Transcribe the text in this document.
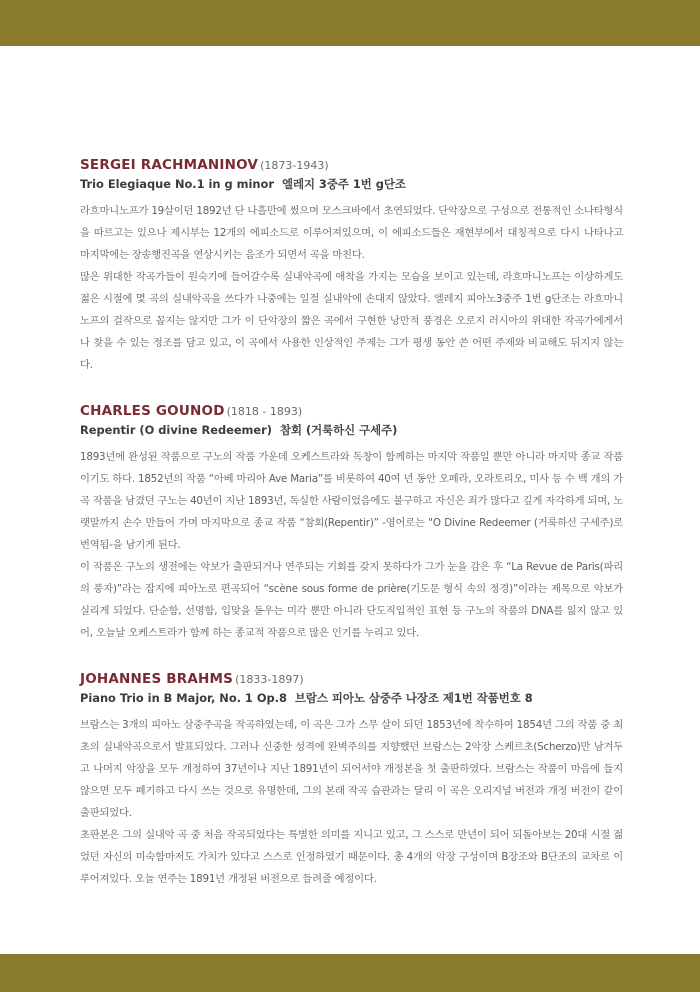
SERGEI RACHMANINOV (1873-1943)
Trio Elegiaque No.1 in g minor 엘레지 3중주 1번 g단조

라흐마니노프가 19살이던 1892년 단 나흘만에 썼으며 모스크바에서 초연되었다. 단악장으로 구성으로 전통적인 소나타형식을 따르고는 있으나 제시부는 12개의 에피소드로 이루어져있으며, 이 에피소드들은 재현부에서 대칭적으로 다시 나타나고 마지막에는 장송행진곡을 연상시키는 음조가 되면서 곡을 마친다.

많은 위대한 작곡가들이 원숙기에 들어갈수록 실내악곡에 애착을 가지는 모습을 보이고 있는데, 라흐마니노프는 이상하게도 젊은 시절에 몇 곡의 실내악곡을 쓰다가 나중에는 일절 실내악에 손대지 않았다. 엘레지 피아노3중주 1번 g단조는 라흐마니노프의 걸작으로 꼽지는 않지만 그가 이 단악장의 짧은 곡에서 구현한 낭만적 풍경은 오로지 러시아의 위대한 작곡가에게서나 찾을 수 있는 정조를 담고 있고, 이 곡에서 사용한 인상적인 주제는 그가 평생 동안 쓴 어떤 주제와 비교해도 뒤지지 않는다.

CHARLES GOUNOD (1818 - 1893)
Repentir (O divine Redeemer) 참회 (거룩하신 구세주)

1893년에 완성된 작품으로 구노의 작품 가운데 오케스트라와 독창이 함께하는 마지막 작품일 뿐만 아니라 마지막 종교 작품이기도 하다. 1852년의 작품 “아베 마리아 Ave Maria”를 비롯하여 40여 년 동안 오페라, 오라토리오, 미사 등 수 백 개의 가곡 작품을 남겼던 구노는 40년이 지난 1893년, 독실한 사람이었음에도 불구하고 자신은 죄가 많다고 깊게 자각하게 되며, 노랫말까지 손수 만들어 가며 마지막으로 종교 작품 “참회(Repentir)” -영어로는 "O Divine Redeemer (거룩하신 구세주)로 번역됨-을 남기게 된다.

이 작품은 구노의 생전에는 악보가 출판되거나 연주되는 기회를 갖지 못하다가 그가 눈을 감은 후 “La Revue de Paris(파리의 풍자)”라는 잡지에 피아노로 편곡되어 “scène sous forme de prière(기도문 형식 속의 정경)”이라는 제목으로 악보가 실리게 되었다. 단순함, 선명함, 입맞을 돋우는 미각 뿐만 아니라 단도직입적인 표현 등 구노의 작품의 DNA를 잃지 않고 있어, 오늘날 오케스트라가 함께 하는 종교적 작품으로 많은 인기를 누리고 있다.

JOHANNES BRAHMS (1833-1897)
Piano Trio in B Major, No. 1 Op.8 브람스 피아노 삼중주 나장조 제1번 작품번호 8

브람스는 3개의 피아노 삼중주곡을 작곡하였는데, 이 곡은 그가 스무 살이 되던 1853년에 착수하여 1854년 그의 작품 중 최초의 실내악곡으로서 발표되었다. 그러나 신중한 성격에 완벽주의를 지향했던 브람스는 2악장 스케르초(Scherzo)만 남겨두고 나머지 악장을 모두 개정하여 37년이나 지난 1891년이 되어서야 개정본을 첫 출판하였다. 브람스는 작품이 마음에 들지 않으면 모두 폐기하고 다시 쓰는 것으로 유명한데, 그의 본래 작곡 습관과는 달리 이 곡은 오리지널 버전과 개정 버전이 같이 출판되었다.

초판본은 그의 실내악 곡 중 처음 작곡되었다는 특별한 의미를 지니고 있고, 그 스스로 만년이 되어 되돌아보는 20대 시절 젊었던 자신의 미숙함마저도 가치가 있다고 스스로 인정하였기 때문이다. 총 4개의 악장 구성이며 B장조와 B단조의 교차로 이루어져있다. 오늘 연주는 1891년 개정된 버전으로 들려줄 예정이다.
